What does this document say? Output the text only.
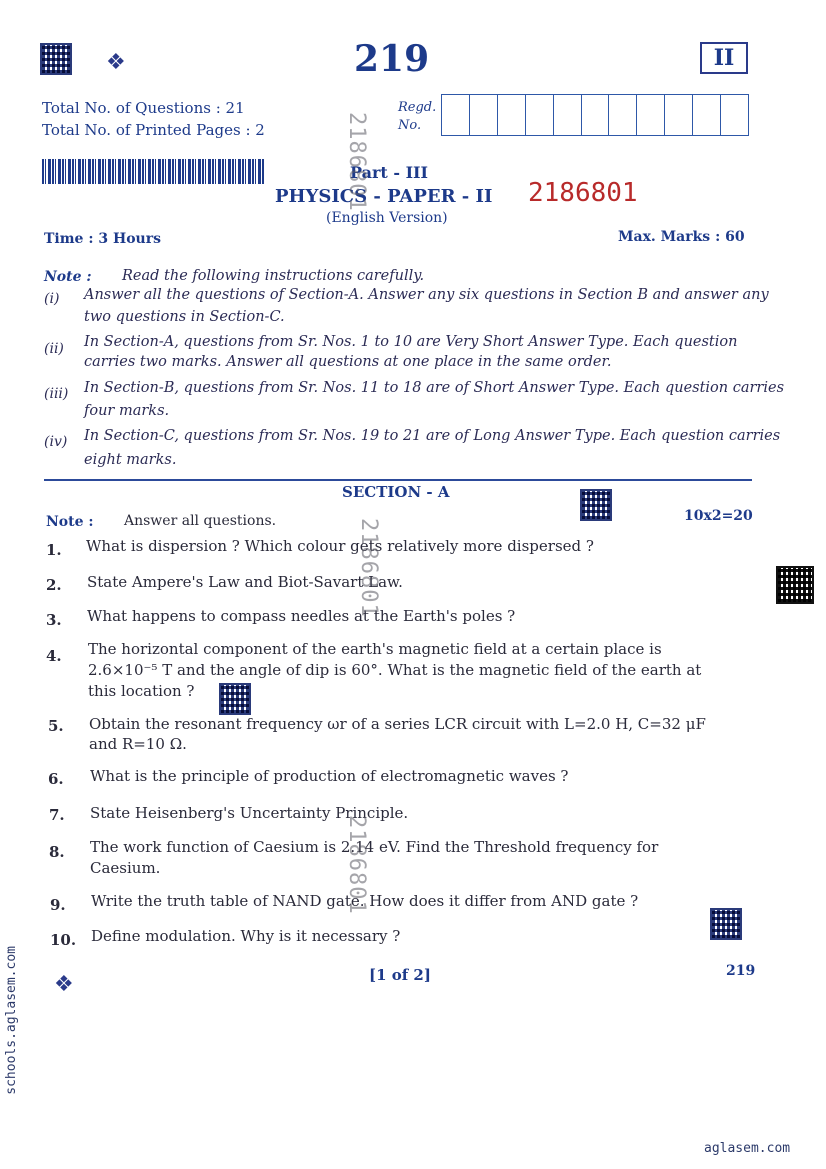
❖	219	II
Total No. of Questions : 21
Total No. of Printed Pages : 2
Regd.
No.
Part - III
PHYSICS - PAPER - II 2186801
(English Version)
Time : 3 Hours	Max. Marks : 60
Note : Read the following instructions carefully.
(i) Answer all the questions of Section-A. Answer any six questions in Section B and answer any
two questions in Section-C.
(ii) In Section-A, questions from Sr. Nos. 1 to 10 are Very Short Answer Type. Each question
carries two marks. Answer all questions at one place in the same order.
(iii) In Section-B, questions from Sr. Nos. 11 to 18 are of Short Answer Type. Each question carries
four marks.
(iv) In Section-C, questions from Sr. Nos. 19 to 21 are of Long Answer Type. Each question carries
eight marks.
SECTION - A
Note : Answer all questions.	10x2=20
1. What is dispersion ? Which colour gets relatively more dispersed ?
2. State Ampere's Law and Biot-Savart Law.
3. What happens to compass needles at the Earth's poles ?
4. The horizontal component of the earth's magnetic field at a certain place is
2.6×10⁻⁵ T and the angle of dip is 60°. What is the magnetic field of the earth at
this location ?
5. Obtain the resonant frequency ωr of a series LCR circuit with L=2.0 H, C=32 μF
and R=10 Ω.
6. What is the principle of production of electromagnetic waves ?
7. State Heisenberg's Uncertainty Principle.
8. The work function of Caesium is 2.14 eV. Find the Threshold frequency for
Caesium.
9. Write the truth table of NAND gate. How does it differ from AND gate ?
10. Define modulation. Why is it necessary ?
2186801
2186801
2186801
❖	[1 of 2]	219
schools.aglasem.com
aglasem.com
